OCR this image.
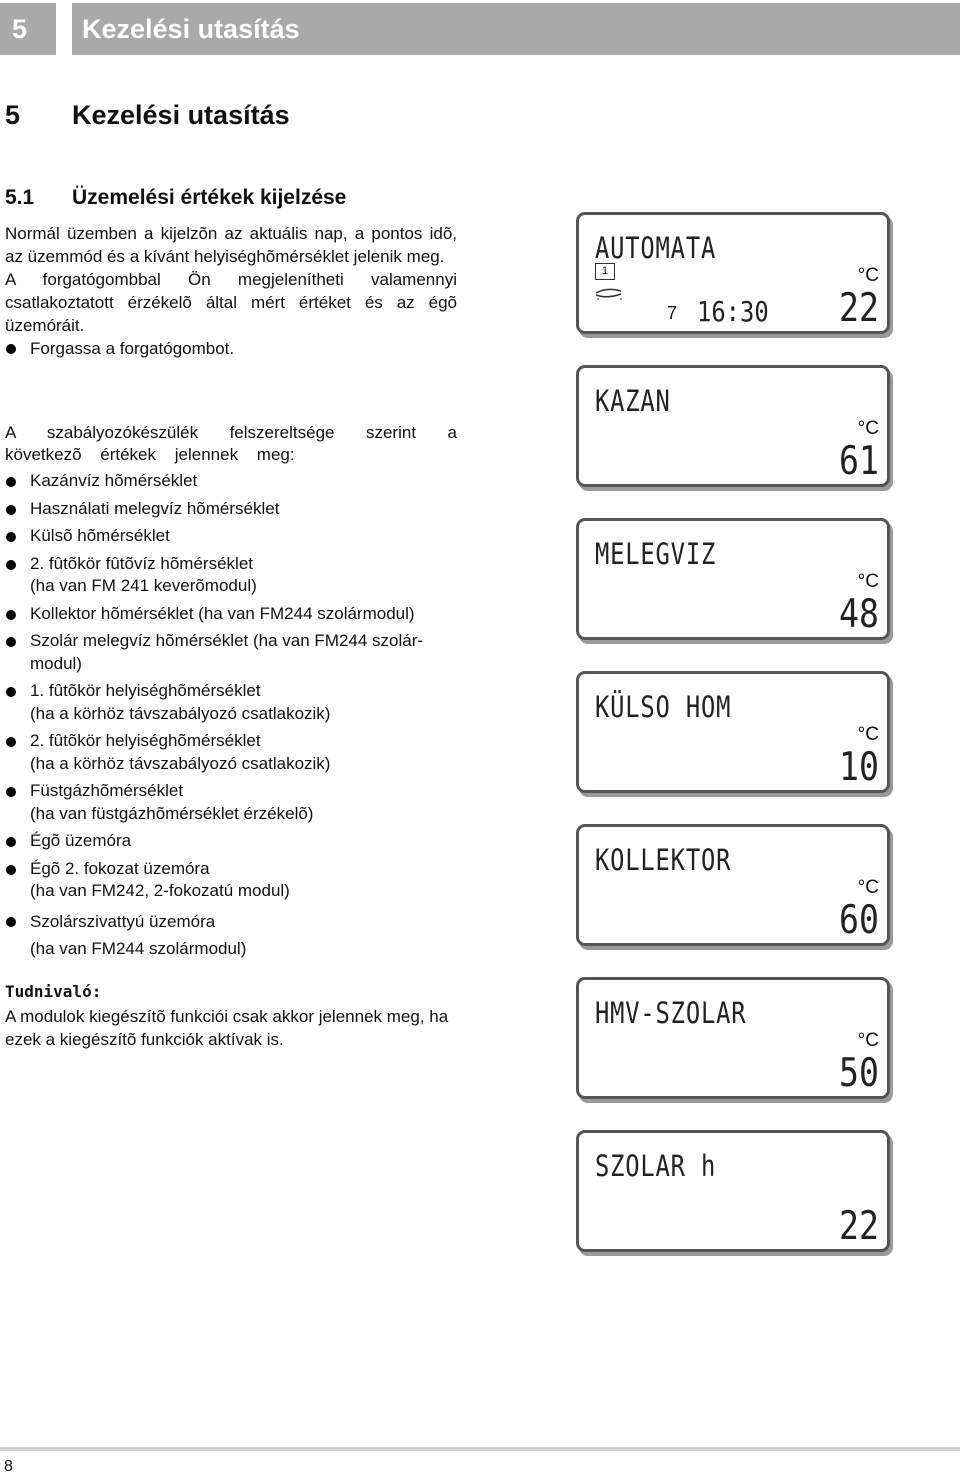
5	Kezelési utasítás
5 Kezelési utasítás
5.1 Üzemelési értékek kijelzése

Normál üzemben a kijelzõn az aktuális nap, a pontos idõ, az üzemmód és a kívánt helyiséghõmérséklet jelenik meg.

A forgatógombbal Ön megjelenítheti valamennyi csatlakoztatott érzékelõ által mért értéket és az égõ üzemóráit.

Forgassa a forgatógombot.

A szabályozókészülék felszereltsége szerint a következõ értékek jelennek meg:

Kazánvíz hõmérséklet
Használati melegvíz hõmérséklet
Külsõ hõmérséklet
2. fûtõkör fûtõvíz hõmérséklet
(ha van FM 241 keverõmodul)
Kollektor hõmérséklet (ha van FM244 szolármodul)
Szolár melegvíz hõmérséklet (ha van FM244 szolár-
modul)
1. fûtõkör helyiséghõmérséklet
(ha a körhöz távszabályozó csatlakozik)
2. fûtõkör helyiséghõmérséklet
(ha a körhöz távszabályozó csatlakozik)
Füstgázhõmérséklet
(ha van füstgázhõmérséklet érzékelõ)
Égõ üzemóra
Égõ 2. fokozat üzemóra
(ha van FM242, 2-fokozatú modul)
Szolárszivattyú üzemóra
(ha van FM244 szolármodul)

Tudnivaló:

A modulok kiegészítõ funkciói csak akkor jelennek meg, ha ezek a kiegészítõ funkciók aktívak is.

AUTOMATA
1
7 16:30
°C
22
KAZAN
°C
61
MELEGVIZ
°C
48
KÜLSO HOM
°C
10
KOLLEKTOR
°C
60
HMV-SZOLAR
°C
50
SZOLAR h
22
8
